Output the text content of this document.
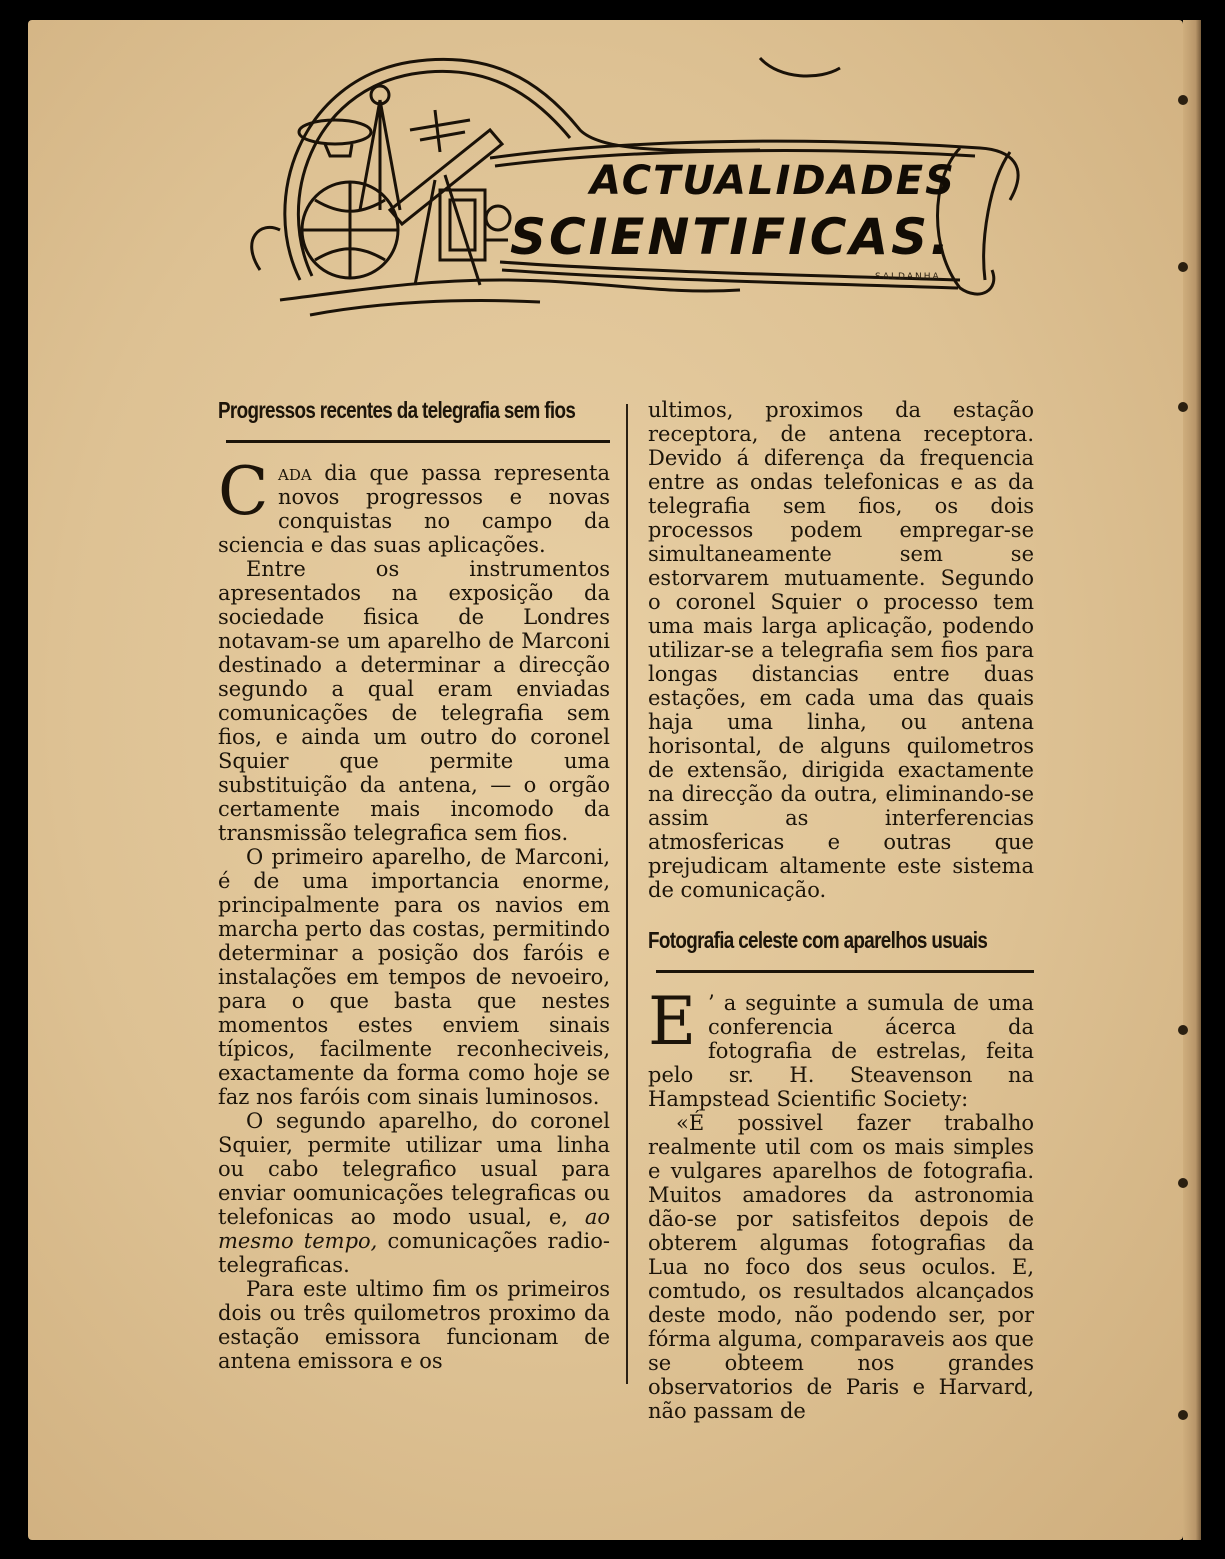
ACTUALIDADES
SCIENTIFICAS.
SALDANHA
Progressos recentes da telegrafia sem fios

Cada dia que passa representa novos progressos e novas conquistas no campo da sciencia e das suas aplicações.

Entre os instrumentos apresentados na exposição da sociedade fisica de Londres notavam-se um aparelho de Marconi destinado a determinar a direcção segundo a qual eram enviadas comunicações de telegrafia sem fios, e ainda um outro do coronel Squier que permite uma substituição da antena, — o orgão certamente mais incomodo da transmissão telegrafica sem fios.

O primeiro aparelho, de Marconi, é de uma importancia enorme, principalmente para os navios em marcha perto das costas, permitindo determinar a posição dos faróis e instalações em tempos de nevoeiro, para o que basta que nestes momentos estes enviem sinais típicos, facilmente reconheciveis, exactamente da forma como hoje se faz nos faróis com sinais luminosos.

O segundo aparelho, do coronel Squier, permite utilizar uma linha ou cabo telegrafico usual para enviar oomunicações telegraficas ou telefonicas ao modo usual, e, ao mesmo tempo, comunicações radio-telegraficas.

Para este ultimo fim os primeiros dois ou três quilometros proximo da estação emissora funcionam de antena emissora e os

ultimos, proximos da estação receptora, de antena receptora. Devido á diferença da frequencia entre as ondas telefonicas e as da telegrafia sem fios, os dois processos podem empregar-se simultaneamente sem se estorvarem mutuamente. Segundo o coronel Squier o processo tem uma mais larga aplicação, podendo utilizar-se a telegrafia sem fios para longas distancias entre duas estações, em cada uma das quais haja uma linha, ou antena horisontal, de alguns quilometros de extensão, dirigida exactamente na direcção da outra, eliminando-se assim as interferencias atmosfericas e outras que prejudicam altamente este sistema de comunicação.

Fotografia celeste com aparelhos usuais

E ’ a seguinte a sumula de uma conferencia ácerca da fotografia de estrelas, feita pelo sr. H. Steavenson na Hampstead Scientific Society:

«É possivel fazer trabalho realmente util com os mais simples e vulgares aparelhos de fotografia. Muitos amadores da astronomia dão-se por satisfeitos depois de obterem algumas fotografias da Lua no foco dos seus oculos. E, comtudo, os resultados alcançados deste modo, não podendo ser, por fórma alguma, comparaveis aos que se obteem nos grandes observatorios de Paris e Harvard, não passam de
